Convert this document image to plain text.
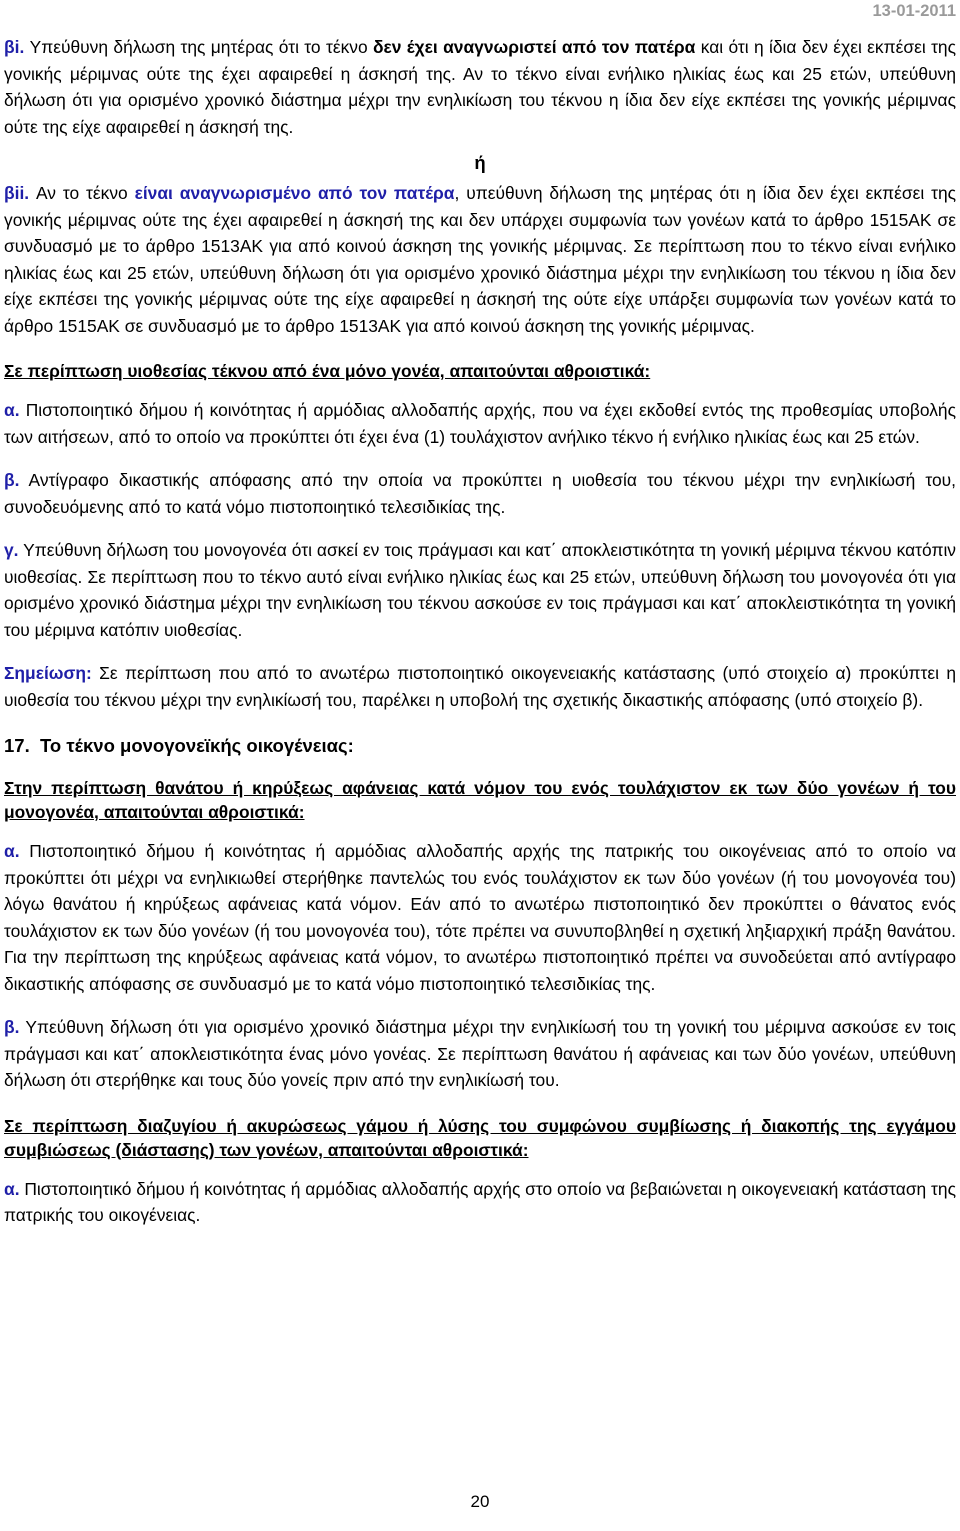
13-01-2011

βi. Υπεύθυνη δήλωση της μητέρας ότι το τέκνο δεν έχει αναγνωριστεί από τον πατέρα και ότι η ίδια δεν έχει εκπέσει της γονικής μέριμνας ούτε της έχει αφαιρεθεί η άσκησή της. Αν το τέκνο είναι ενήλικο ηλικίας έως και 25 ετών, υπεύθυνη δήλωση ότι για ορισμένο χρονικό διάστημα μέχρι την ενηλικίωση του τέκνου η ίδια δεν είχε εκπέσει της γονικής μέριμνας ούτε της είχε αφαιρεθεί η άσκησή της.

ή

βii. Αν το τέκνο είναι αναγνωρισμένο από τον πατέρα, υπεύθυνη δήλωση της μητέρας ότι η ίδια δεν έχει εκπέσει της γονικής μέριμνας ούτε της έχει αφαιρεθεί η άσκησή της και δεν υπάρχει συμφωνία των γονέων κατά το άρθρο 1515ΑΚ σε συνδυασμό με το άρθρο 1513ΑΚ για από κοινού άσκηση της γονικής μέριμνας. Σε περίπτωση που το τέκνο είναι ενήλικο ηλικίας έως και 25 ετών, υπεύθυνη δήλωση ότι για ορισμένο χρονικό διάστημα μέχρι την ενηλικίωση του τέκνου η ίδια δεν είχε εκπέσει της γονικής μέριμνας ούτε της είχε αφαιρεθεί η άσκησή της ούτε είχε υπάρξει συμφωνία των γονέων κατά το άρθρο 1515ΑΚ σε συνδυασμό με το άρθρο 1513ΑΚ για από κοινού άσκηση της γονικής μέριμνας.

Σε περίπτωση υιοθεσίας τέκνου από ένα μόνο γονέα, απαιτούνται αθροιστικά:

α. Πιστοποιητικό δήμου ή κοινότητας ή αρμόδιας αλλοδαπής αρχής, που να έχει εκδοθεί εντός της προθεσμίας υποβολής των αιτήσεων, από το οποίο να προκύπτει ότι έχει ένα (1) τουλάχιστον ανήλικο τέκνο ή ενήλικο ηλικίας έως και 25 ετών.

β. Αντίγραφο δικαστικής απόφασης από την οποία να προκύπτει η υιοθεσία του τέκνου μέχρι την ενηλικίωσή του, συνοδευόμενης από το κατά νόμο πιστοποιητικό τελεσιδικίας της.

γ. Υπεύθυνη δήλωση του μονογονέα ότι ασκεί εν τοις πράγμασι και κατ΄ αποκλειστικότητα τη γονική μέριμνα τέκνου κατόπιν υιοθεσίας. Σε περίπτωση που το τέκνο αυτό είναι ενήλικο ηλικίας έως και 25 ετών, υπεύθυνη δήλωση του μονογονέα ότι για ορισμένο χρονικό διάστημα μέχρι την ενηλικίωση του τέκνου ασκούσε εν τοις πράγμασι και κατ΄ αποκλειστικότητα τη γονική του μέριμνα κατόπιν υιοθεσίας.

Σημείωση: Σε περίπτωση που από το ανωτέρω πιστοποιητικό οικογενειακής κατάστασης (υπό στοιχείο α) προκύπτει η υιοθεσία του τέκνου μέχρι την ενηλικίωσή του, παρέλκει η υποβολή της σχετικής δικαστικής απόφασης (υπό στοιχείο β).

17. Το τέκνο μονογονεϊκής οικογένειας:

Στην περίπτωση θανάτου ή κηρύξεως αφάνειας κατά νόμον του ενός τουλάχιστον εκ των δύο γονέων ή του μονογονέα, απαιτούνται αθροιστικά:

α. Πιστοποιητικό δήμου ή κοινότητας ή αρμόδιας αλλοδαπής αρχής της πατρικής του οικογένειας από το οποίο να προκύπτει ότι μέχρι να ενηλικιωθεί στερήθηκε παντελώς του ενός τουλάχιστον εκ των δύο γονέων (ή του μονογονέα του) λόγω θανάτου ή κηρύξεως αφάνειας κατά νόμον. Εάν από το ανωτέρω πιστοποιητικό δεν προκύπτει ο θάνατος ενός τουλάχιστον εκ των δύο γονέων (ή του μονογονέα του), τότε πρέπει να συνυποβληθεί η σχετική ληξιαρχική πράξη θανάτου. Για την περίπτωση της κηρύξεως αφάνειας κατά νόμον, το ανωτέρω πιστοποιητικό πρέπει να συνοδεύεται από αντίγραφο δικαστικής απόφασης σε συνδυασμό με το κατά νόμο πιστοποιητικό τελεσιδικίας της.

β. Υπεύθυνη δήλωση ότι για ορισμένο χρονικό διάστημα μέχρι την ενηλικίωσή του τη γονική του μέριμνα ασκούσε εν τοις πράγμασι και κατ΄ αποκλειστικότητα ένας μόνο γονέας. Σε περίπτωση θανάτου ή αφάνειας και των δύο γονέων, υπεύθυνη δήλωση ότι στερήθηκε και τους δύο γονείς πριν από την ενηλικίωσή του.

Σε περίπτωση διαζυγίου ή ακυρώσεως γάμου ή λύσης του συμφώνου συμβίωσης ή διακοπής της εγγάμου συμβιώσεως (διάστασης) των γονέων, απαιτούνται αθροιστικά:

α. Πιστοποιητικό δήμου ή κοινότητας ή αρμόδιας αλλοδαπής αρχής στο οποίο να βεβαιώνεται η οικογενειακή κατάσταση της πατρικής του οικογένειας.

20
